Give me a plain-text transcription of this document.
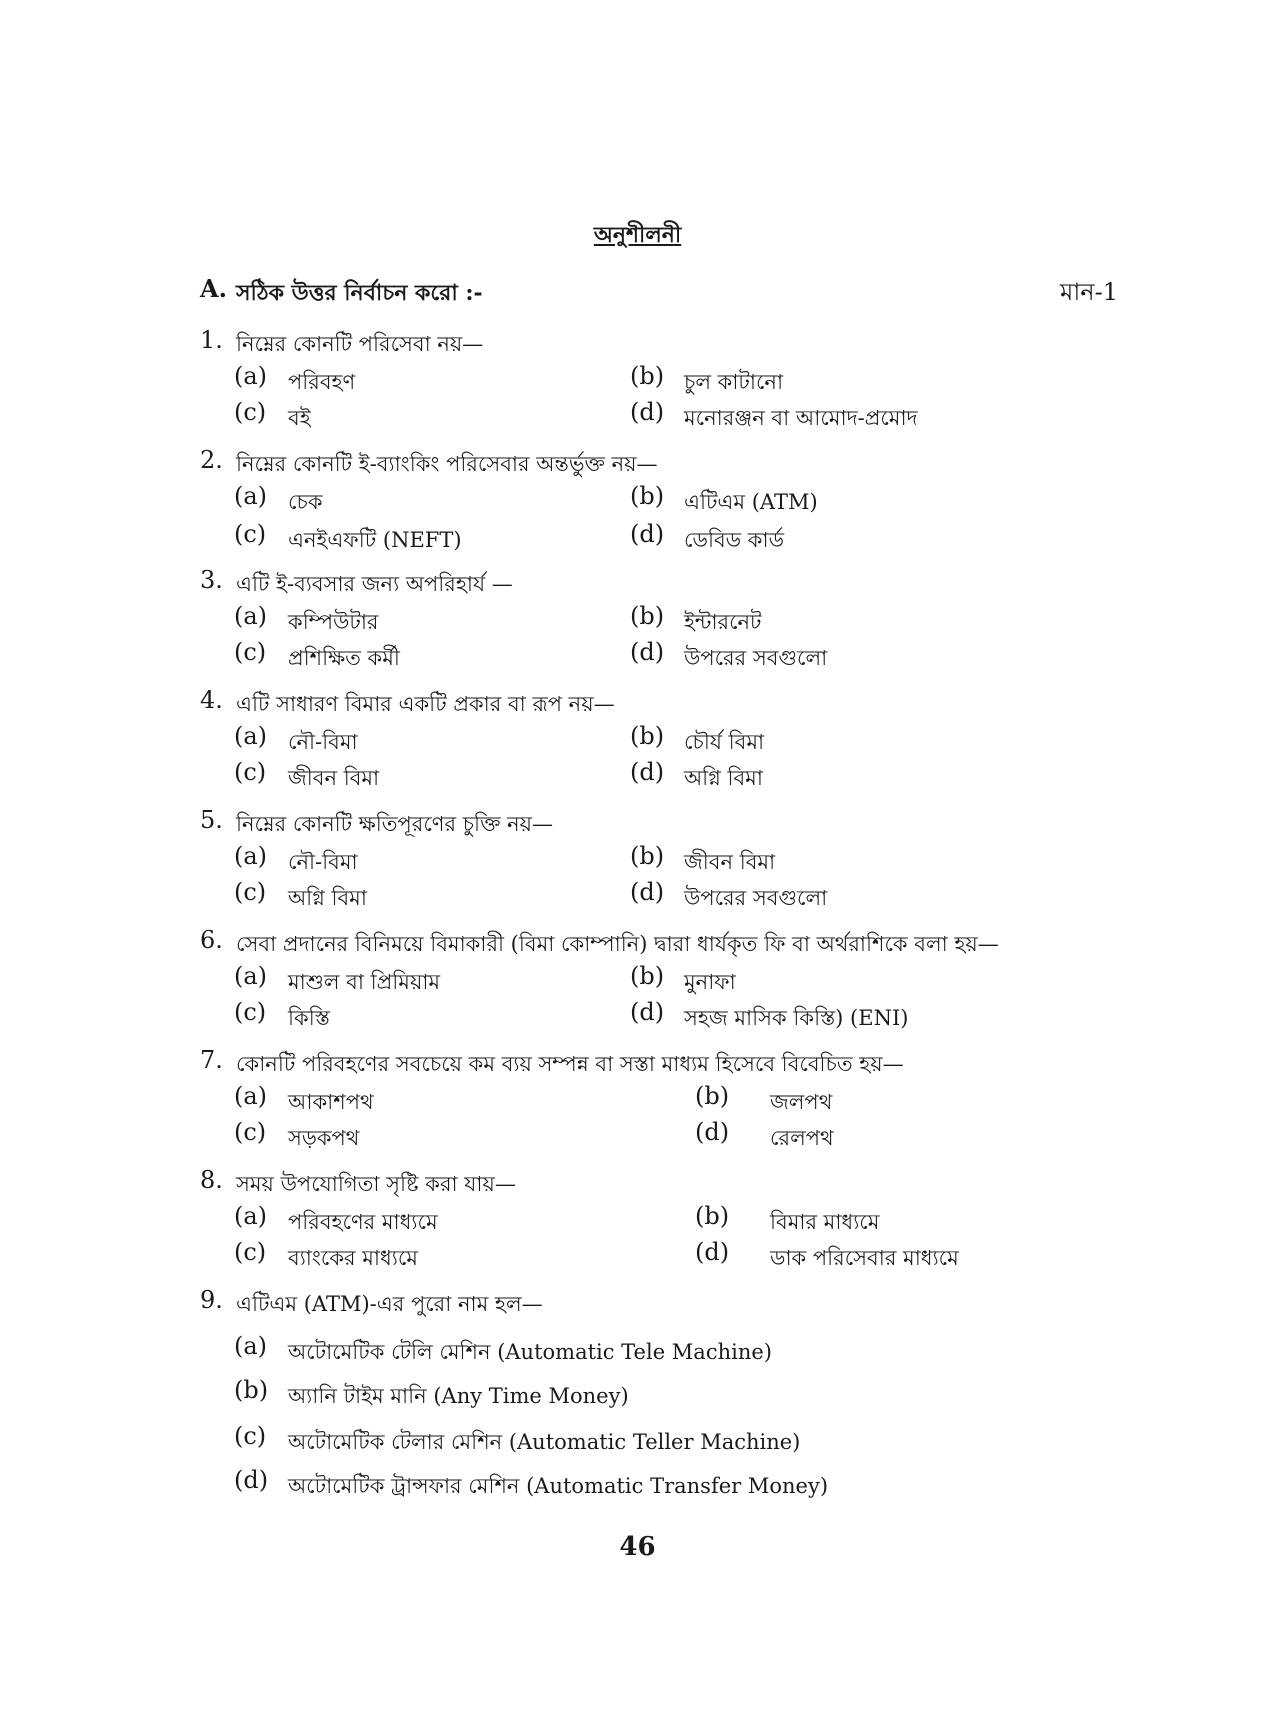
অনুশীলনী
A. সঠিক উত্তর নির্বাচন করো :-	মান-1
1. নিম্নের কোনটি পরিসেবা নয়—
(a) পরিবহণ	(b) চুল কাটানো
(c) বই	(d) মনোরঞ্জন বা আমোদ-প্রমোদ
2. নিম্নের কোনটি ই-ব্যাংকিং পরিসেবার অন্তর্ভুক্ত নয়—
(a) চেক	(b) এটিএম (ATM)
(c) এনইএফটি (NEFT)	(d) ডেবিড কার্ড
3. এটি ই-ব্যবসার জন্য অপরিহার্য —
(a) কম্পিউটার	(b) ইন্টারনেট
(c) প্রশিক্ষিত কর্মী	(d) উপরের সবগুলো
4. এটি সাধারণ বিমার একটি প্রকার বা রূপ নয়—
(a) নৌ-বিমা	(b) চৌর্য বিমা
(c) জীবন বিমা	(d) অগ্নি বিমা
5. নিম্নের কোনটি ক্ষতিপূরণের চুক্তি নয়—
(a) নৌ-বিমা	(b) জীবন বিমা
(c) অগ্নি বিমা	(d) উপরের সবগুলো
6. সেবা প্রদানের বিনিময়ে বিমাকারী (বিমা কোম্পানি) দ্বারা ধার্যকৃত ফি বা অর্থরাশিকে বলা হয়—
(a) মাশুল বা প্রিমিয়াম	(b) মুনাফা
(c) কিস্তি	(d) সহজ মাসিক কিস্তি) (ENI)
7. কোনটি পরিবহণের সবচেয়ে কম ব্যয় সম্পন্ন বা সস্তা মাধ্যম হিসেবে বিবেচিত হয়—
(a) আকাশপথ	(b) জলপথ
(c) সড়কপথ	(d) রেলপথ
8. সময় উপযোগিতা সৃষ্টি করা যায়—
(a) পরিবহণের মাধ্যমে	(b) বিমার মাধ্যমে
(c) ব্যাংকের মাধ্যমে	(d) ডাক পরিসেবার মাধ্যমে
9. এটিএম (ATM)-এর পুরো নাম হল—
(a) অটোমেটিক টেলি মেশিন (Automatic Tele Machine)
(b) অ্যানি টাইম মানি (Any Time Money)
(c) অটোমেটিক টেলার মেশিন (Automatic Teller Machine)
(d) অটোমেটিক ট্রান্সফার মেশিন (Automatic Transfer Money)
46
